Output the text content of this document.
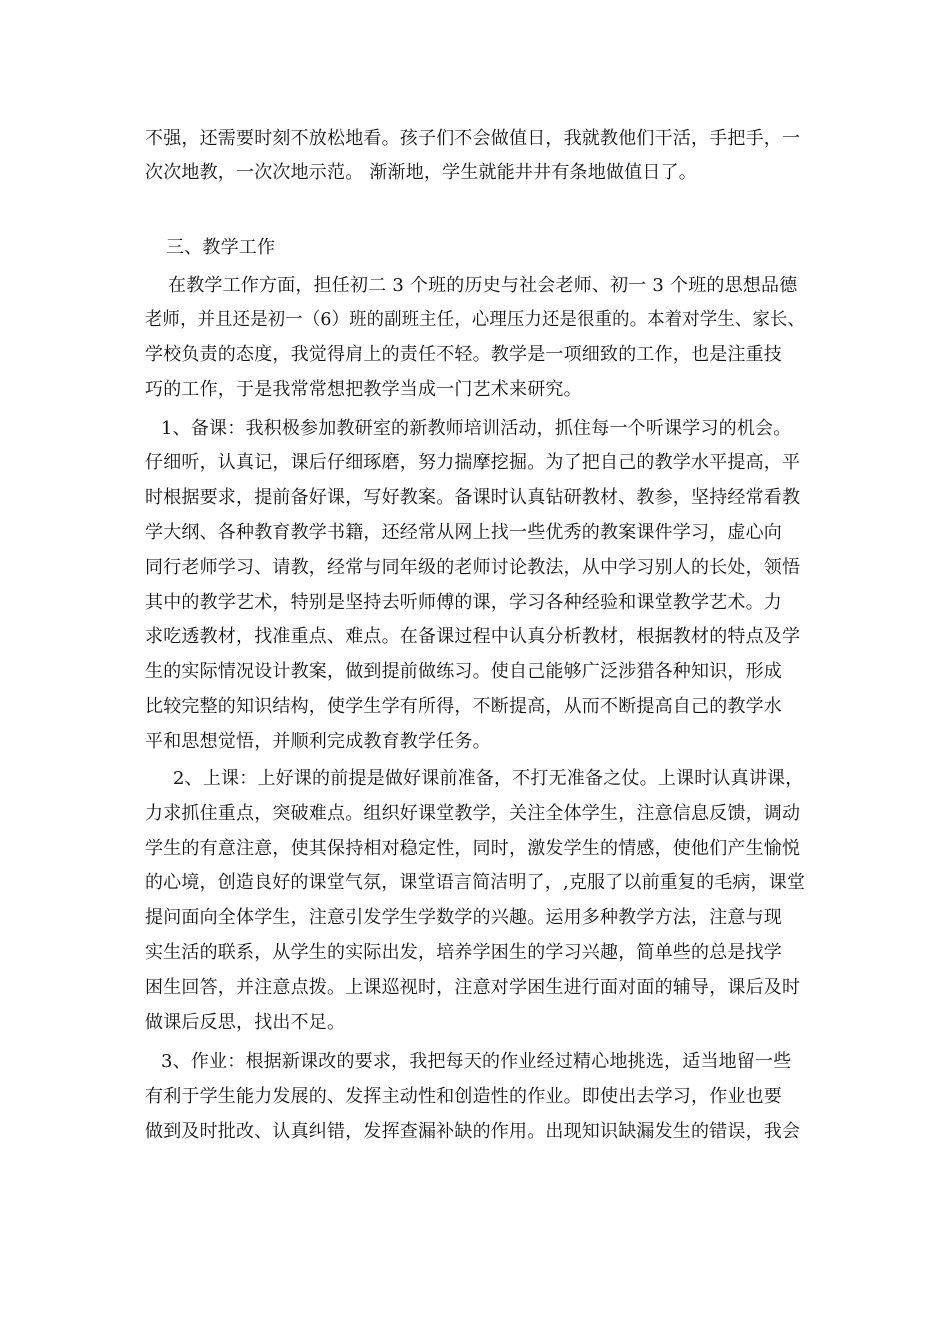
不强，还需要时刻不放松地看。孩子们不会做值日，我就教他们干活，手把手，一
次次地教，一次次地示范。 渐渐地，学生就能井井有条地做值日了。
三、教学工作
在教学工作方面，担任初二 3 个班的历史与社会老师、初一 3 个班的思想品德
老师，并且还是初一（6）班的副班主任，心理压力还是很重的。本着对学生、家长、
学校负责的态度，我觉得肩上的责任不轻。教学是一项细致的工作，也是注重技
巧的工作，于是我常常想把教学当成一门艺术来研究。
1、备课：我积极参加教研室的新教师培训活动，抓住每一个听课学习的机会。
仔细听，认真记，课后仔细琢磨，努力揣摩挖掘。为了把自己的教学水平提高，平
时根据要求，提前备好课，写好教案。备课时认真钻研教材、教参，坚持经常看教
学大纲、各种教育教学书籍，还经常从网上找一些优秀的教案课件学习，虚心向
同行老师学习、请教，经常与同年级的老师讨论教法，从中学习别人的长处，领悟
其中的教学艺术，特别是坚持去听师傅的课，学习各种经验和课堂教学艺术。力
求吃透教材，找准重点、难点。在备课过程中认真分析教材，根据教材的特点及学
生的实际情况设计教案，做到提前做练习。使自己能够广泛涉猎各种知识，形成
比较完整的知识结构，使学生学有所得，不断提高，从而不断提高自己的教学水
平和思想觉悟，并顺利完成教育教学任务。
2、上课：上好课的前提是做好课前准备，不打无准备之仗。上课时认真讲课，
力求抓住重点，突破难点。组织好课堂教学，关注全体学生，注意信息反馈，调动
学生的有意注意，使其保持相对稳定性，同时，激发学生的情感，使他们产生愉悦
的心境，创造良好的课堂气氛，课堂语言简洁明了，,克服了以前重复的毛病，课堂
提问面向全体学生，注意引发学生学数学的兴趣。运用多种教学方法，注意与现
实生活的联系，从学生的实际出发，培养学困生的学习兴趣，简单些的总是找学
困生回答，并注意点拨。上课巡视时，注意对学困生进行面对面的辅导，课后及时
做课后反思，找出不足。
3、作业：根据新课改的要求，我把每天的作业经过精心地挑选，适当地留一些
有利于学生能力发展的、发挥主动性和创造性的作业。即使出去学习，作业也要
做到及时批改、认真纠错，发挥查漏补缺的作用。出现知识缺漏发生的错误，我会
